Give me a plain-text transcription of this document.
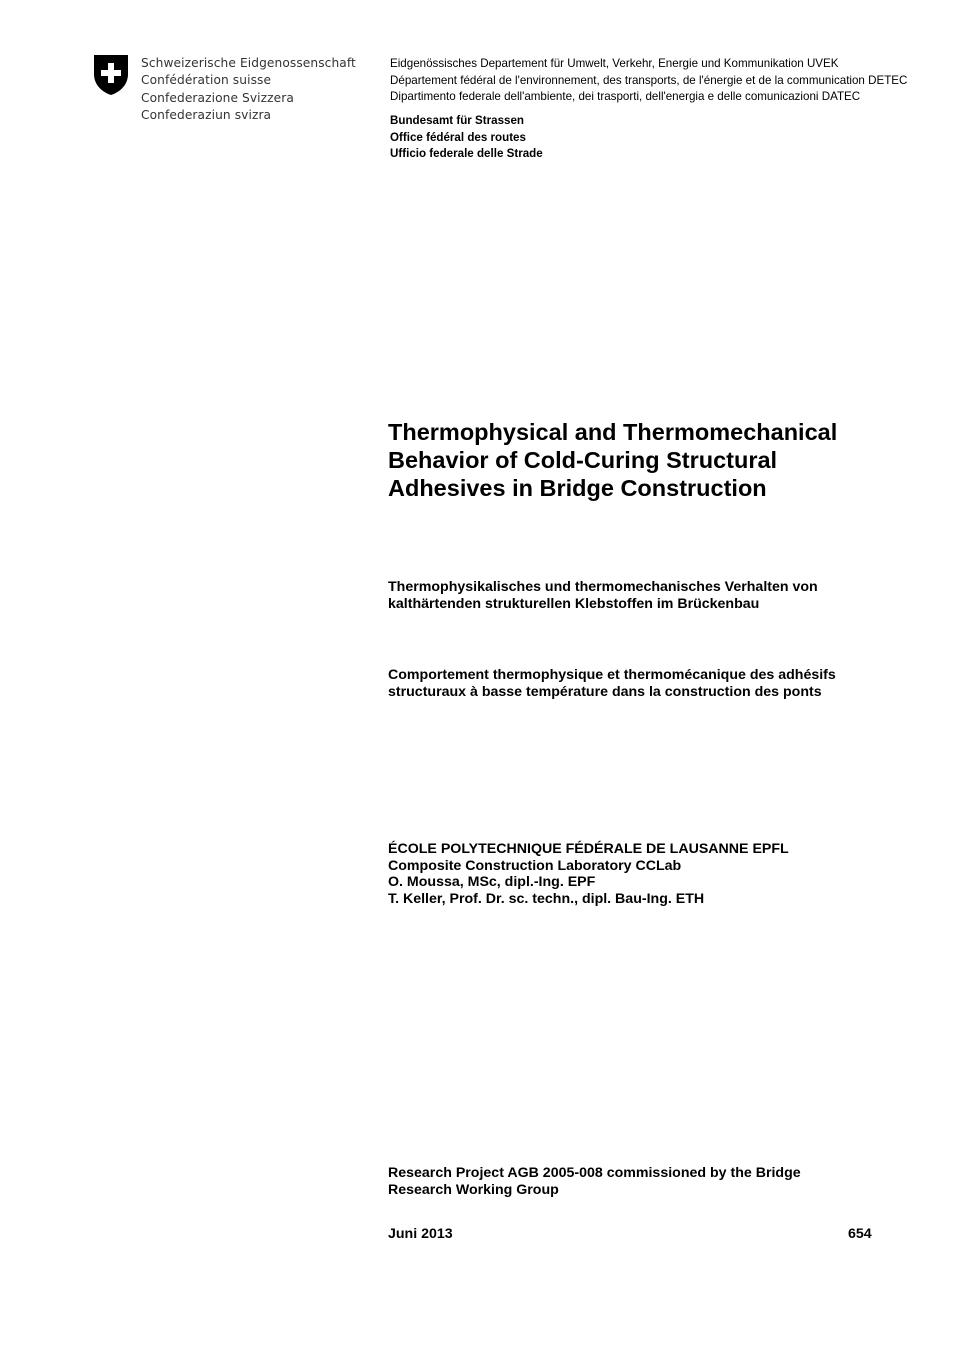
Schweizerische Eidgenossenschaft
Confédération suisse
Confederazione Svizzera
Confederaziun svizra
Eidgenössisches Departement für Umwelt, Verkehr, Energie und Kommunikation UVEK
Département fédéral de l'environnement, des transports, de l'énergie et de la communication DETEC
Dipartimento federale dell'ambiente, dei trasporti, dell'energia e delle comunicazioni DATEC
Bundesamt für Strassen
Office fédéral des routes
Ufficio federale delle Strade
Thermophysical and Thermomechanical
Behavior of Cold-Curing Structural
Adhesives in Bridge Construction
Thermophysikalisches und thermomechanisches Verhalten von
kalthärtenden strukturellen Klebstoffen im Brückenbau
Comportement thermophysique et thermomécanique des adhésifs
structuraux à basse température dans la construction des ponts
ÉCOLE POLYTECHNIQUE FÉDÉRALE DE LAUSANNE EPFL
Composite Construction Laboratory CCLab
O. Moussa, MSc, dipl.-Ing. EPF
T. Keller, Prof. Dr. sc. techn., dipl. Bau-Ing. ETH
Research Project AGB 2005-008 commissioned by the Bridge
Research Working Group
Juni 2013	654
